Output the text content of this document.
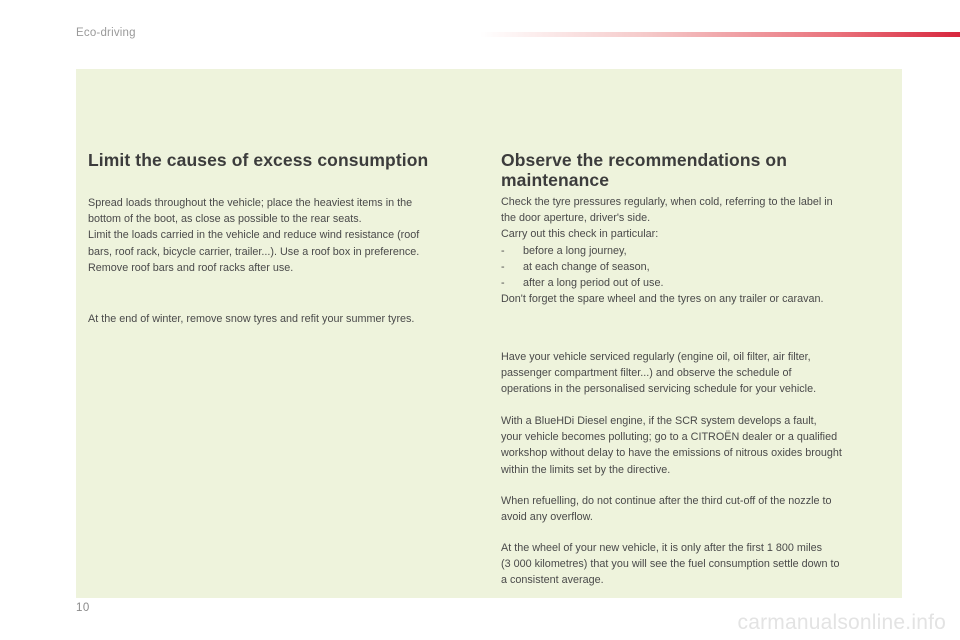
Eco-driving
Limit the causes of excess consumption

Spread loads throughout the vehicle; place the heaviest items in the

bottom of the boot, as close as possible to the rear seats.

Limit the loads carried in the vehicle and reduce wind resistance (roof

bars, roof rack, bicycle carrier, trailer...). Use a roof box in preference.

Remove roof bars and roof racks after use.

At the end of winter, remove snow tyres and refit your summer tyres.

Observe the recommendations on
maintenance

Check the tyre pressures regularly, when cold, referring to the label in

the door aperture, driver's side.

Carry out this check in particular:

-	before a long journey,
-	at each change of season,
-	after a long period out of use.

Don't forget the spare wheel and the tyres on any trailer or caravan.

Have your vehicle serviced regularly (engine oil, oil filter, air filter,

passenger compartment filter...) and observe the schedule of

operations in the personalised servicing schedule for your vehicle.

With a BlueHDi Diesel engine, if the SCR system develops a fault,

your vehicle becomes polluting; go to a CITROËN dealer or a qualified

workshop without delay to have the emissions of nitrous oxides brought

within the limits set by the directive.

When refuelling, do not continue after the third cut-off of the nozzle to

avoid any overflow.

At the wheel of your new vehicle, it is only after the first 1 800 miles

(3 000 kilometres) that you will see the fuel consumption settle down to

a consistent average.

10
carmanualsonline.info
